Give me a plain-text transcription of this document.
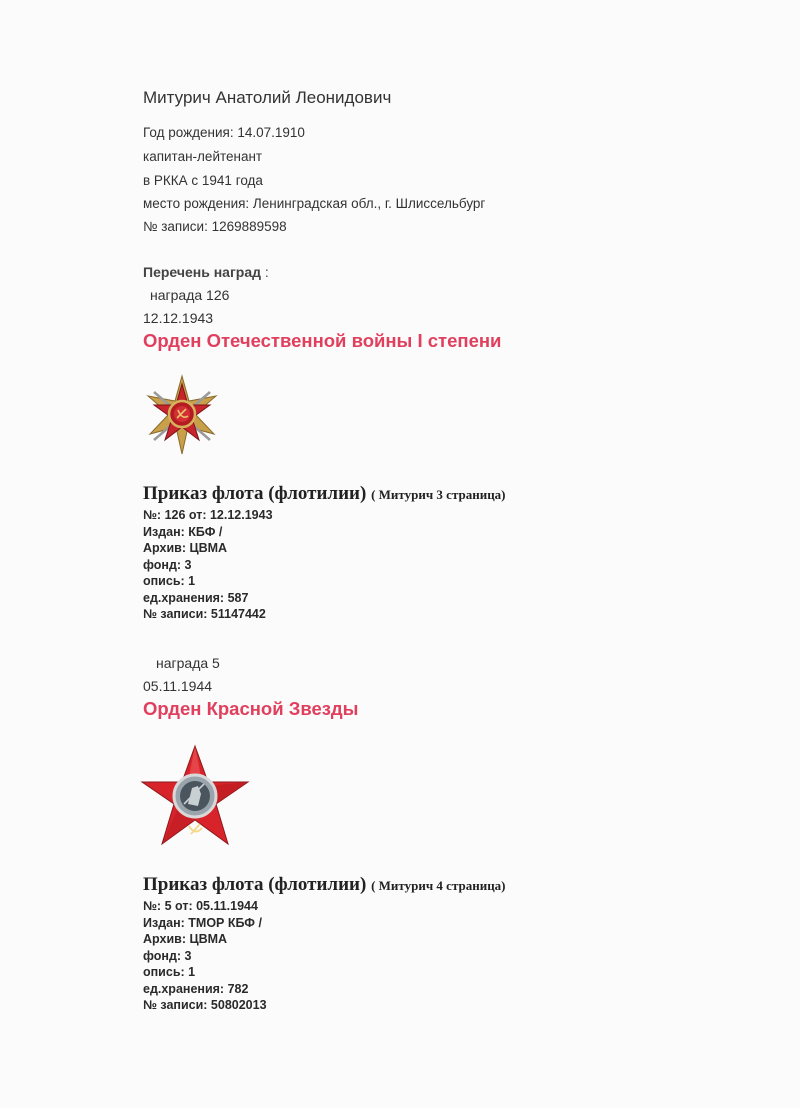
Митурич Анатолий Леонидович
Год рождения: 14.07.1910
капитан-лейтенант
в РККА с 1941 года
место рождения: Ленинградская обл., г. Шлиссельбург
№ записи: 1269889598
Перечень наград :
награда 126
12.12.1943
Орден Отечественной войны I степени
Приказ флота (флотилии) ( Митурич 3 страница)
№: 126 от: 12.12.1943
Издан: КБФ /
Архив: ЦВМА
фонд: 3
опись: 1
ед.хранения: 587
№ записи: 51147442
награда 5
05.11.1944
Орден Красной Звезды
Приказ флота (флотилии) ( Митурич 4 страница)
№: 5 от: 05.11.1944
Издан: ТМОР КБФ /
Архив: ЦВМА
фонд: 3
опись: 1
ед.хранения: 782
№ записи: 50802013
